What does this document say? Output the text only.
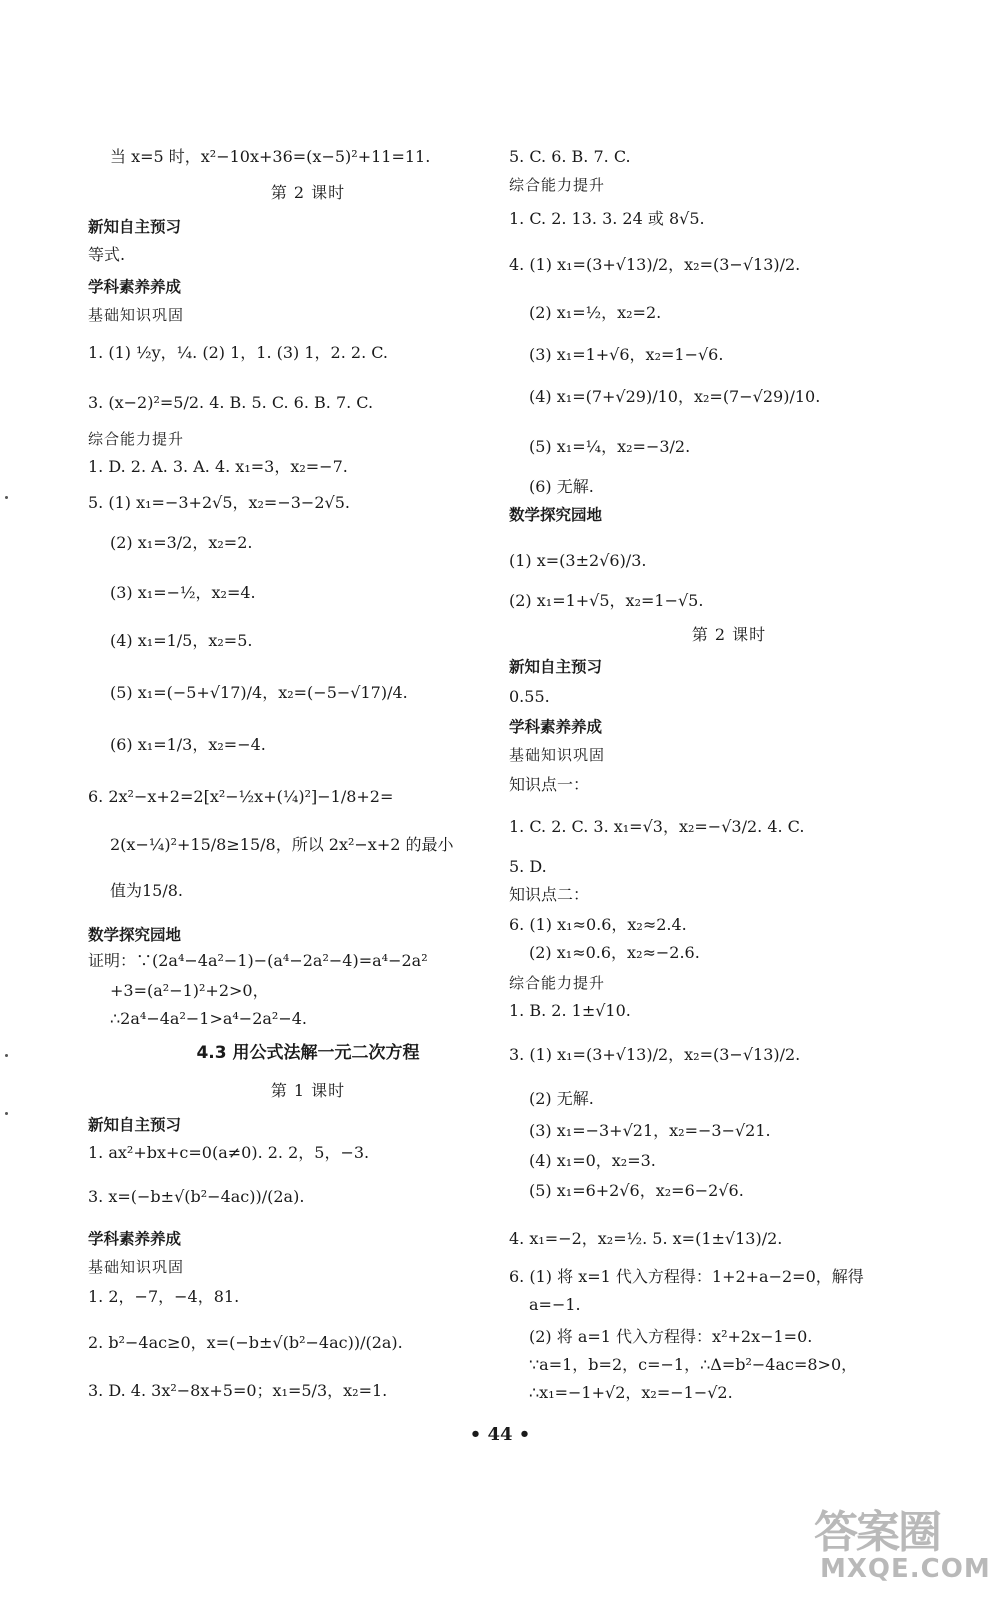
当 x=5 时，x²−10x+36=(x−5)²+11=11.
第 2 课时
新知自主预习
等式.
学科素养养成
基础知识巩固
1. (1) ½y，¼. (2) 1，1. (3) 1，2. 2. C.
3. (x−2)²=5/2. 4. B. 5. C. 6. B. 7. C.
综合能力提升
1. D. 2. A. 3. A. 4. x₁=3，x₂=−7.
5. (1) x₁=−3+2√5，x₂=−3−2√5.
(2) x₁=3/2，x₂=2.
(3) x₁=−½，x₂=4.
(4) x₁=1/5，x₂=5.
(5) x₁=(−5+√17)/4，x₂=(−5−√17)/4.
(6) x₁=1/3，x₂=−4.
6. 2x²−x+2=2[x²−½x+(¼)²]−1/8+2=
2(x−¼)²+15/8≥15/8，所以 2x²−x+2 的最小
值为15/8.
数学探究园地
证明：∵(2a⁴−4a²−1)−(a⁴−2a²−4)=a⁴−2a²
+3=(a²−1)²+2>0，
∴2a⁴−4a²−1>a⁴−2a²−4.
4.3 用公式法解一元二次方程
第 1 课时
新知自主预习
1. ax²+bx+c=0(a≠0). 2. 2，5，−3.
3. x=(−b±√(b²−4ac))/(2a).
学科素养养成
基础知识巩固
1. 2，−7，−4，81.
2. b²−4ac≥0，x=(−b±√(b²−4ac))/(2a).
3. D. 4. 3x²−8x+5=0；x₁=5/3，x₂=1.
5. C. 6. B. 7. C.
综合能力提升
1. C. 2. 13. 3. 24 或 8√5.
4. (1) x₁=(3+√13)/2，x₂=(3−√13)/2.
(2) x₁=½，x₂=2.
(3) x₁=1+√6，x₂=1−√6.
(4) x₁=(7+√29)/10，x₂=(7−√29)/10.
(5) x₁=¼，x₂=−3/2.
(6) 无解.
数学探究园地
(1) x=(3±2√6)/3.
(2) x₁=1+√5，x₂=1−√5.
第 2 课时
新知自主预习
0.55.
学科素养养成
基础知识巩固
知识点一：
1. C. 2. C. 3. x₁=√3，x₂=−√3/2. 4. C.
5. D.
知识点二：
6. (1) x₁≈0.6，x₂≈2.4.
(2) x₁≈0.6，x₂≈−2.6.
综合能力提升
1. B. 2. 1±√10.
3. (1) x₁=(3+√13)/2，x₂=(3−√13)/2.
(2) 无解.
(3) x₁=−3+√21，x₂=−3−√21.
(4) x₁=0，x₂=3.
(5) x₁=6+2√6，x₂=6−2√6.
4. x₁=−2，x₂=½. 5. x=(1±√13)/2.
6. (1) 将 x=1 代入方程得：1+2+a−2=0，解得
a=−1.
(2) 将 a=1 代入方程得：x²+2x−1=0.
∵a=1，b=2，c=−1，∴Δ=b²−4ac=8>0，
∴x₁=−1+√2，x₂=−1−√2.
• 44 •
答案圈
MXQE.COM
